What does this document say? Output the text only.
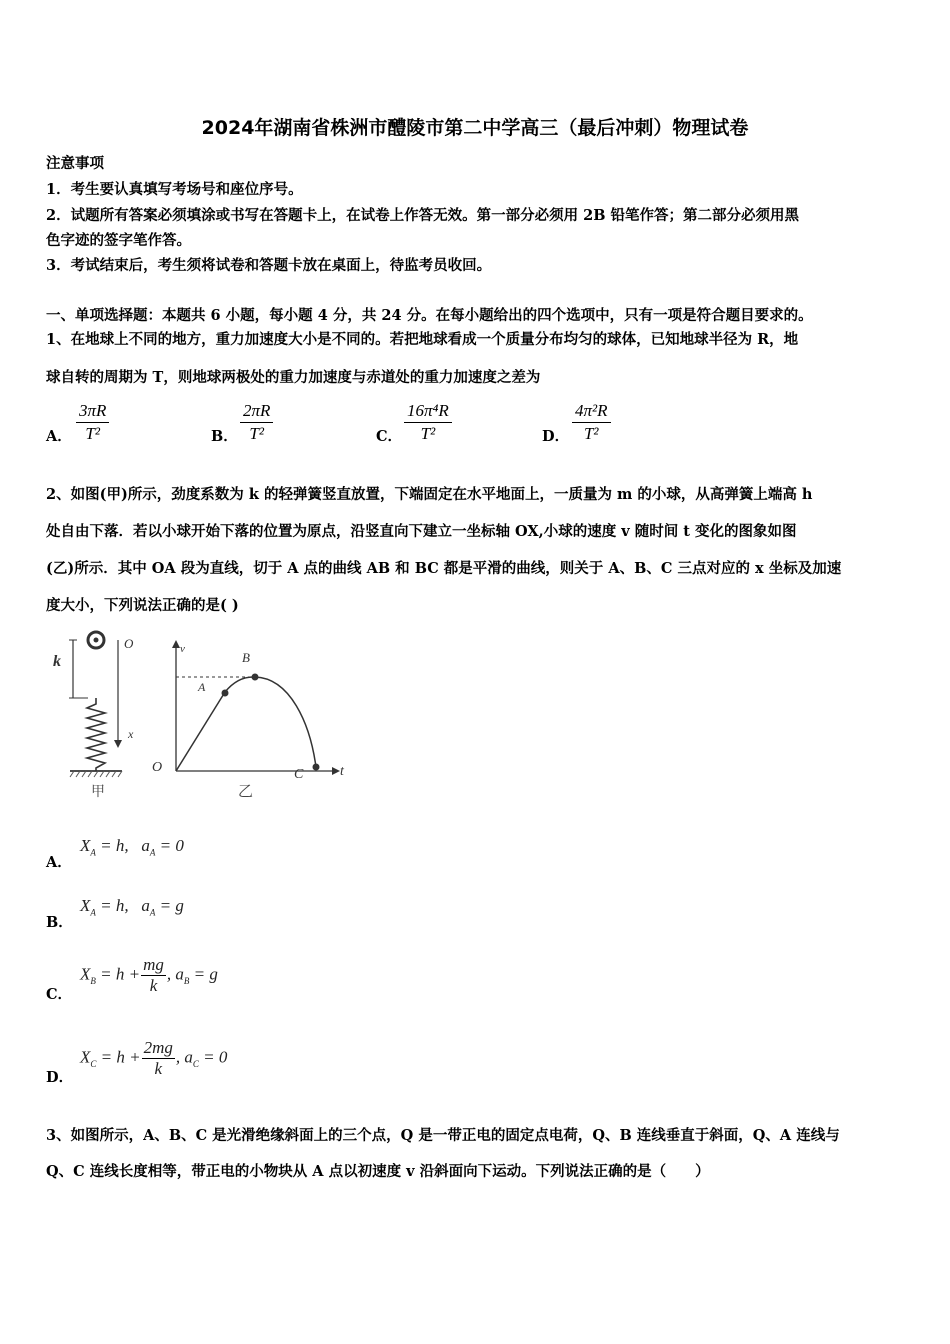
2024年湖南省株洲市醴陵市第二中学高三（最后冲刺）物理试卷
注意事项
1．考生要认真填写考场号和座位序号。
2．试题所有答案必须填涂或书写在答题卡上，在试卷上作答无效。第一部分必须用 2B 铅笔作答；第二部分必须用黑
色字迹的签字笔作答。
3．考试结束后，考生须将试卷和答题卡放在桌面上，待监考员收回。
一、单项选择题：本题共 6 小题，每小题 4 分，共 24 分。在每小题给出的四个选项中，只有一项是符合题目要求的。
1、在地球上不同的地方，重力加速度大小是不同的。若把地球看成一个质量分布均匀的球体，已知地球半径为 R，地
球自转的周期为 T，则地球两极处的重力加速度与赤道处的重力加速度之差为
A． $\frac{3\pi R}{\text{T²}}$	B． $\frac{2\pi R}{\text{T²}}$	C． $\frac{\text{16π⁴R}}{\text{T²}}$	D． $\frac{\text{4π²R}}{\text{T²}}$
2、如图(甲)所示，劲度系数为 k 的轻弹簧竖直放置，下端固定在水平地面上，一质量为 m 的小球，从高弹簧上端高 h
处自由下落．若以小球开始下落的位置为原点，沿竖直向下建立一坐标轴 OX,小球的速度 v 随时间 t 变化的图象如图
(乙)所示．其中 OA 段为直线，切于 A 点的曲线 AB 和 BC 都是平滑的曲线，则关于 A、B、C 三点对应的 x 坐标及加速
度大小，下列说法正确的是( )
k
O
x
甲
v
O
A
B
C	t
乙
A．
$X_A = h$, $a_A = 0$
B．
$X_A = h$, $a_A = g$
C．
$X_B = h + \frac{mg}{k}$ , $a_B = g$
D．
$X_C = h + \frac{2mg}{k}$ , $a_C = 0$
3、如图所示，A、B、C 是光滑绝缘斜面上的三个点，Q 是一带正电的固定点电荷，Q、B 连线垂直于斜面，Q、A 连线与
Q、C 连线长度相等，带正电的小物块从 A 点以初速度 v 沿斜面向下运动。下列说法正确的是（　　）
